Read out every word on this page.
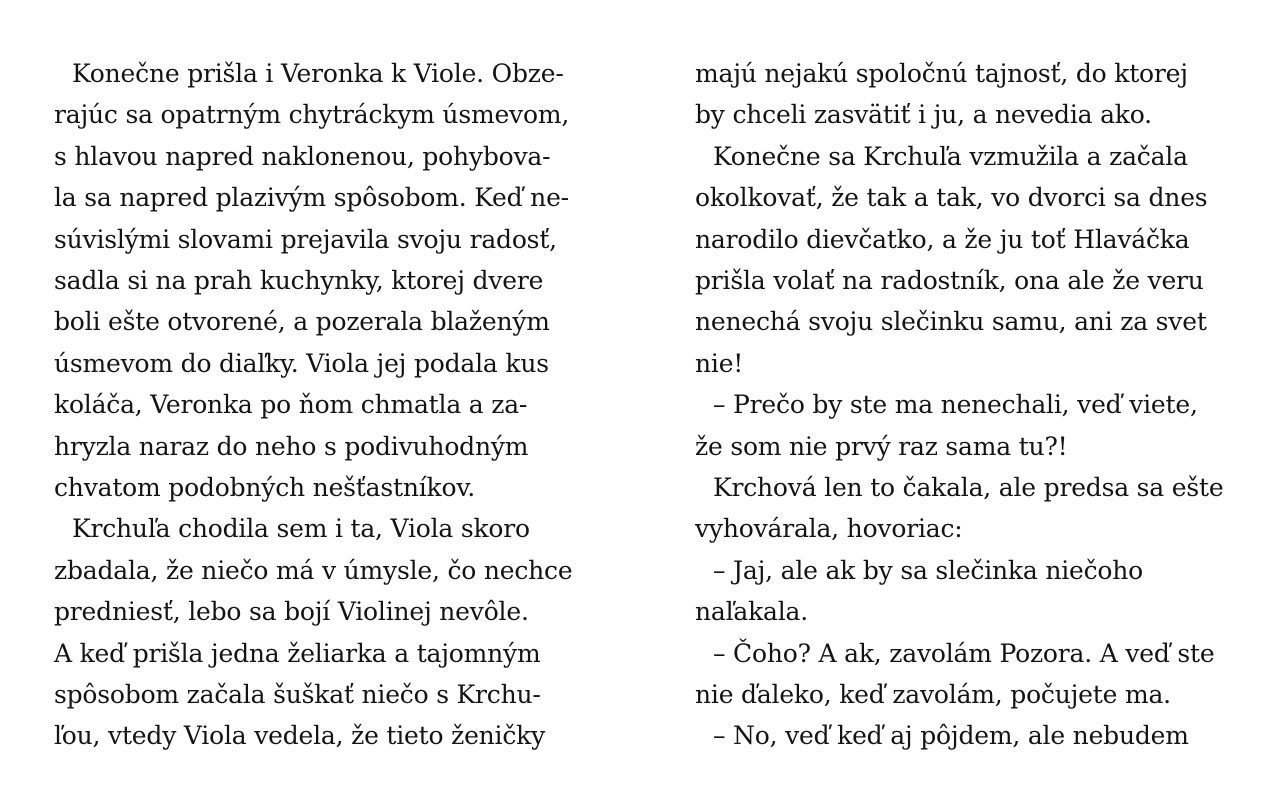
Konečne prišla i Veronka k Viole. Obze-
rajúc sa opatrným chytráckym úsmevom,
s hlavou napred naklonenou, pohybova-
la sa napred plazivým spôsobom. Keď ne-
súvislými slovami prejavila svoju radosť,
sadla si na prah kuchynky, ktorej dvere
boli ešte otvorené, a pozerala blaženým
úsmevom do diaľky. Viola jej podala kus
koláča, Veronka po ňom chmatla a za-
hryzla naraz do neho s podivuhodným
chvatom podobných nešťastníkov.
Krchuľa chodila sem i ta, Viola skoro
zbadala, že niečo má v úmysle, čo nechce
predniesť, lebo sa bojí Violinej nevôle.
A keď prišla jedna želiarka a tajomným
spôsobom začala šuškať niečo s Krchu-
ľou, vtedy Viola vedela, že tieto ženičky
majú nejakú spoločnú tajnosť, do ktorej
by chceli zasvätiť i ju, a nevedia ako.
Konečne sa Krchuľa vzmužila a začala
okolkovať, že tak a tak, vo dvorci sa dnes
narodilo dievčatko, a že ju toť Hlaváčka
prišla volať na radostník, ona ale že veru
nenechá svoju slečinku samu, ani za svet
nie!
– Prečo by ste ma nenechali, veď viete,
že som nie prvý raz sama tu?!
Krchová len to čakala, ale predsa sa ešte
vyhovárala, hovoriac:
– Jaj, ale ak by sa slečinka niečoho
naľakala.
– Čoho? A ak, zavolám Pozora. A veď ste
nie ďaleko, keď zavolám, počujete ma.
– No, veď keď aj pôjdem, ale nebudem
